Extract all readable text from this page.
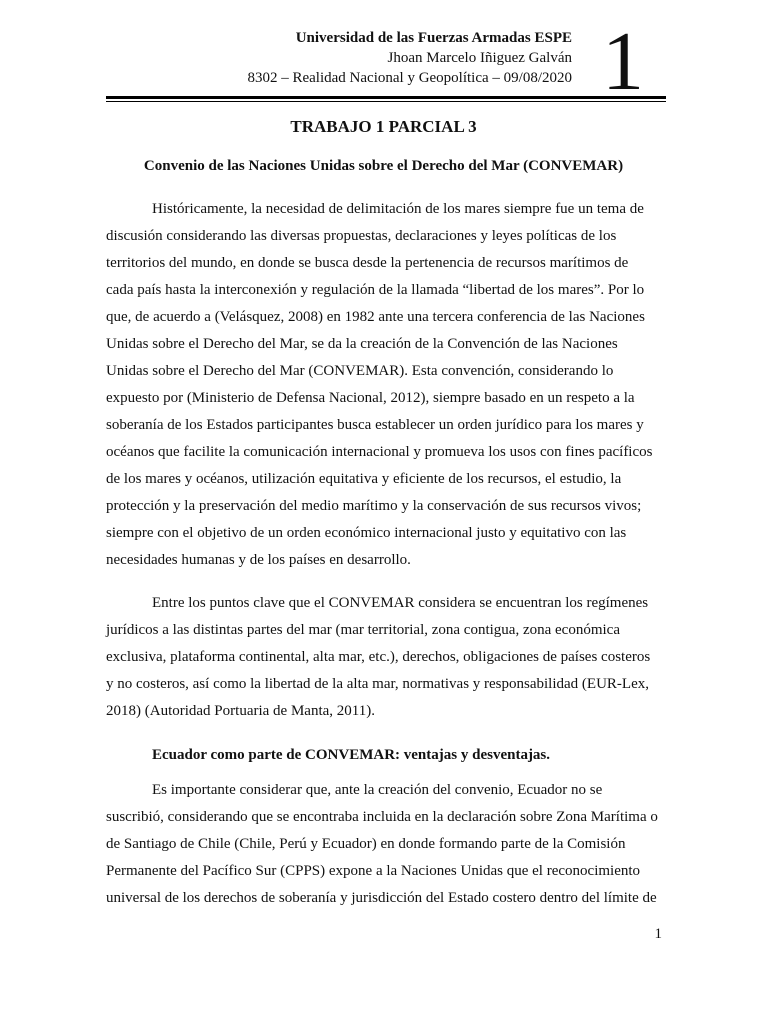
Universidad de las Fuerzas Armadas ESPE
Jhoan Marcelo Iñiguez Galván
8302 – Realidad Nacional y Geopolítica – 09/08/2020 1
TRABAJO 1 PARCIAL 3
Convenio de las Naciones Unidas sobre el Derecho del Mar (CONVEMAR)

Históricamente, la necesidad de delimitación de los mares siempre fue un tema de
discusión considerando las diversas propuestas, declaraciones y leyes políticas de los
territorios del mundo, en donde se busca desde la pertenencia de recursos marítimos de
cada país hasta la interconexión y regulación de la llamada “libertad de los mares”. Por lo
que, de acuerdo a (Velásquez, 2008) en 1982 ante una tercera conferencia de las Naciones
Unidas sobre el Derecho del Mar, se da la creación de la Convención de las Naciones
Unidas sobre el Derecho del Mar (CONVEMAR). Esta convención, considerando lo
expuesto por (Ministerio de Defensa Nacional, 2012), siempre basado en un respeto a la
soberanía de los Estados participantes busca establecer un orden jurídico para los mares y
océanos que facilite la comunicación internacional y promueva los usos con fines pacíficos
de los mares y océanos, utilización equitativa y eficiente de los recursos, el estudio, la
protección y la preservación del medio marítimo y la conservación de sus recursos vivos;
siempre con el objetivo de un orden económico internacional justo y equitativo con las
necesidades humanas y de los países en desarrollo.

Entre los puntos clave que el CONVEMAR considera se encuentran los regímenes
jurídicos a las distintas partes del mar (mar territorial, zona contigua, zona económica
exclusiva, plataforma continental, alta mar, etc.), derechos, obligaciones de países costeros
y no costeros, así como la libertad de la alta mar, normativas y responsabilidad (EUR-Lex,
2018) (Autoridad Portuaria de Manta, 2011).

Ecuador como parte de CONVEMAR: ventajas y desventajas.

Es importante considerar que, ante la creación del convenio, Ecuador no se
suscribió, considerando que se encontraba incluida en la declaración sobre Zona Marítima o
de Santiago de Chile (Chile, Perú y Ecuador) en donde formando parte de la Comisión
Permanente del Pacífico Sur (CPPS) expone a la Naciones Unidas que el reconocimiento
universal de los derechos de soberanía y jurisdicción del Estado costero dentro del límite de

1
